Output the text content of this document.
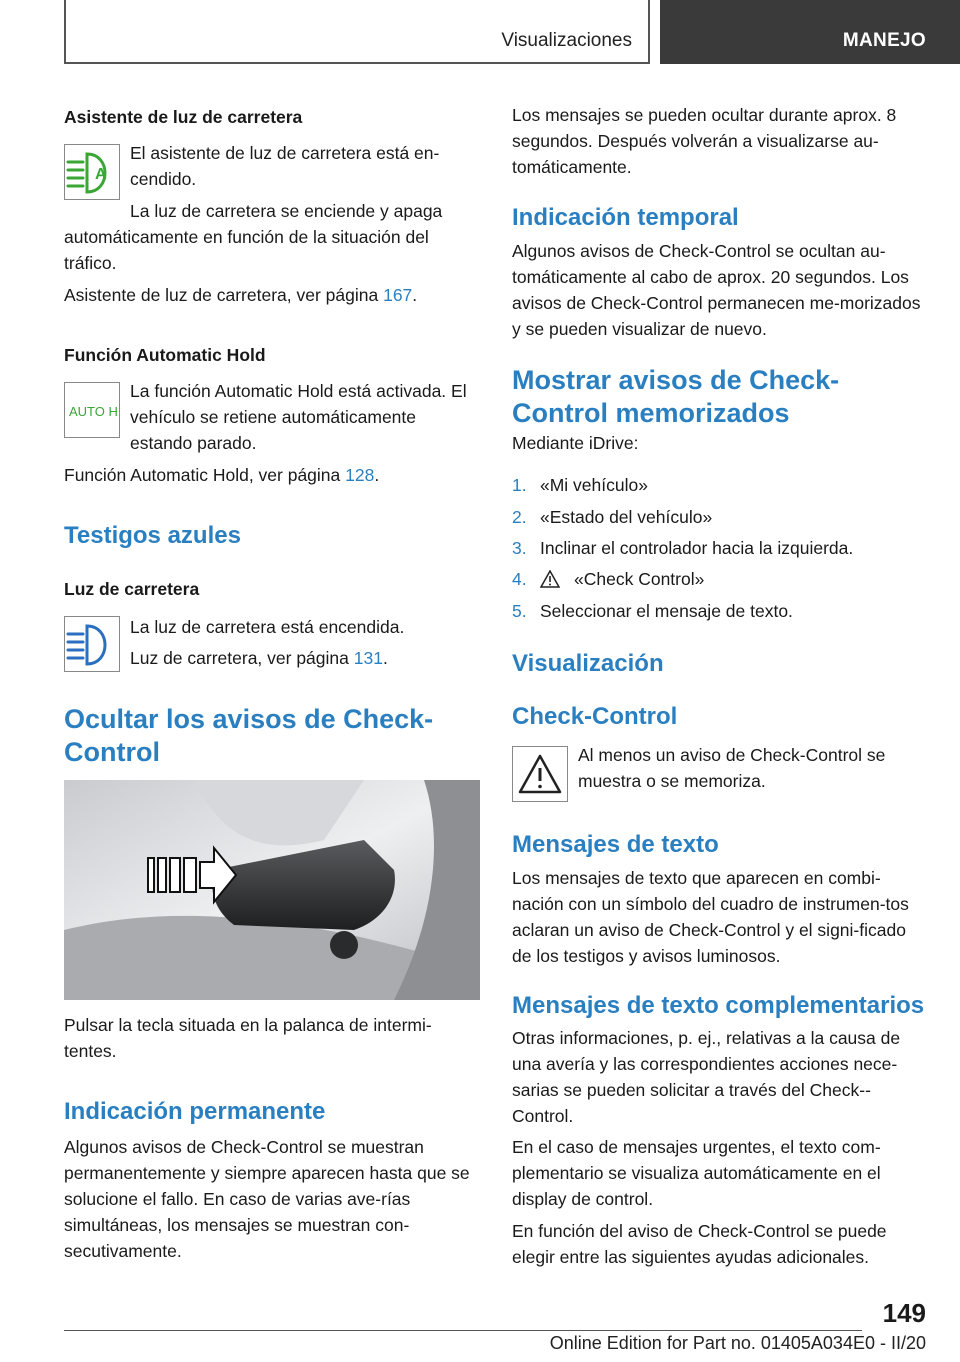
Visualizaciones	MANEJO
Asistente de luz de carretera
A

El asistente de luz de carretera está en-cendido.

La luz de carretera se enciende y apaga

automáticamente en función de la situación del tráfico.

Asistente de luz de carretera, ver página 167.

Función Automatic Hold
AUTO H

La función Automatic Hold está activada. El vehículo se retiene automáticamente estando parado.

Función Automatic Hold, ver página 128.

Testigos azules
Luz de carretera

La luz de carretera está encendida.

Luz de carretera, ver página 131.

Ocultar los avisos de Check-Control

Pulsar la tecla situada en la palanca de intermi-tentes.

Indicación permanente

Algunos avisos de Check-Control se muestran permanentemente y siempre aparecen hasta que se solucione el fallo. En caso de varias ave-rías simultáneas, los mensajes se muestran con-secutivamente.

Los mensajes se pueden ocultar durante aprox. 8 segundos. Después volverán a visualizarse au-tomáticamente.

Indicación temporal

Algunos avisos de Check-Control se ocultan au-tomáticamente al cabo de aprox. 20 segundos. Los avisos de Check-Control permanecen me-morizados y se pueden visualizar de nuevo.

Mostrar avisos de Check-Control memorizados

Mediante iDrive:

1. «Mi vehículo»
2. «Estado del vehículo»
3. Inclinar el controlador hacia la izquierda.
4.	«Check Control»
5. Seleccionar el mensaje de texto.
Visualización
Check-Control

Al menos un aviso de Check-Control se muestra o se memoriza.

Mensajes de texto

Los mensajes de texto que aparecen en combi-nación con un símbolo del cuadro de instrumen-tos aclaran un aviso de Check-Control y el signi-ficado de los testigos y avisos luminosos.

Mensajes de texto complementarios

Otras informaciones, p. ej., relativas a la causa de una avería y las correspondientes acciones nece-sarias se pueden solicitar a través del Check--Control.

En el caso de mensajes urgentes, el texto com-plementario se visualiza automáticamente en el display de control.

En función del aviso de Check-Control se puede elegir entre las siguientes ayudas adicionales.

149
Online Edition for Part no. 01405A034E0 - II/20
